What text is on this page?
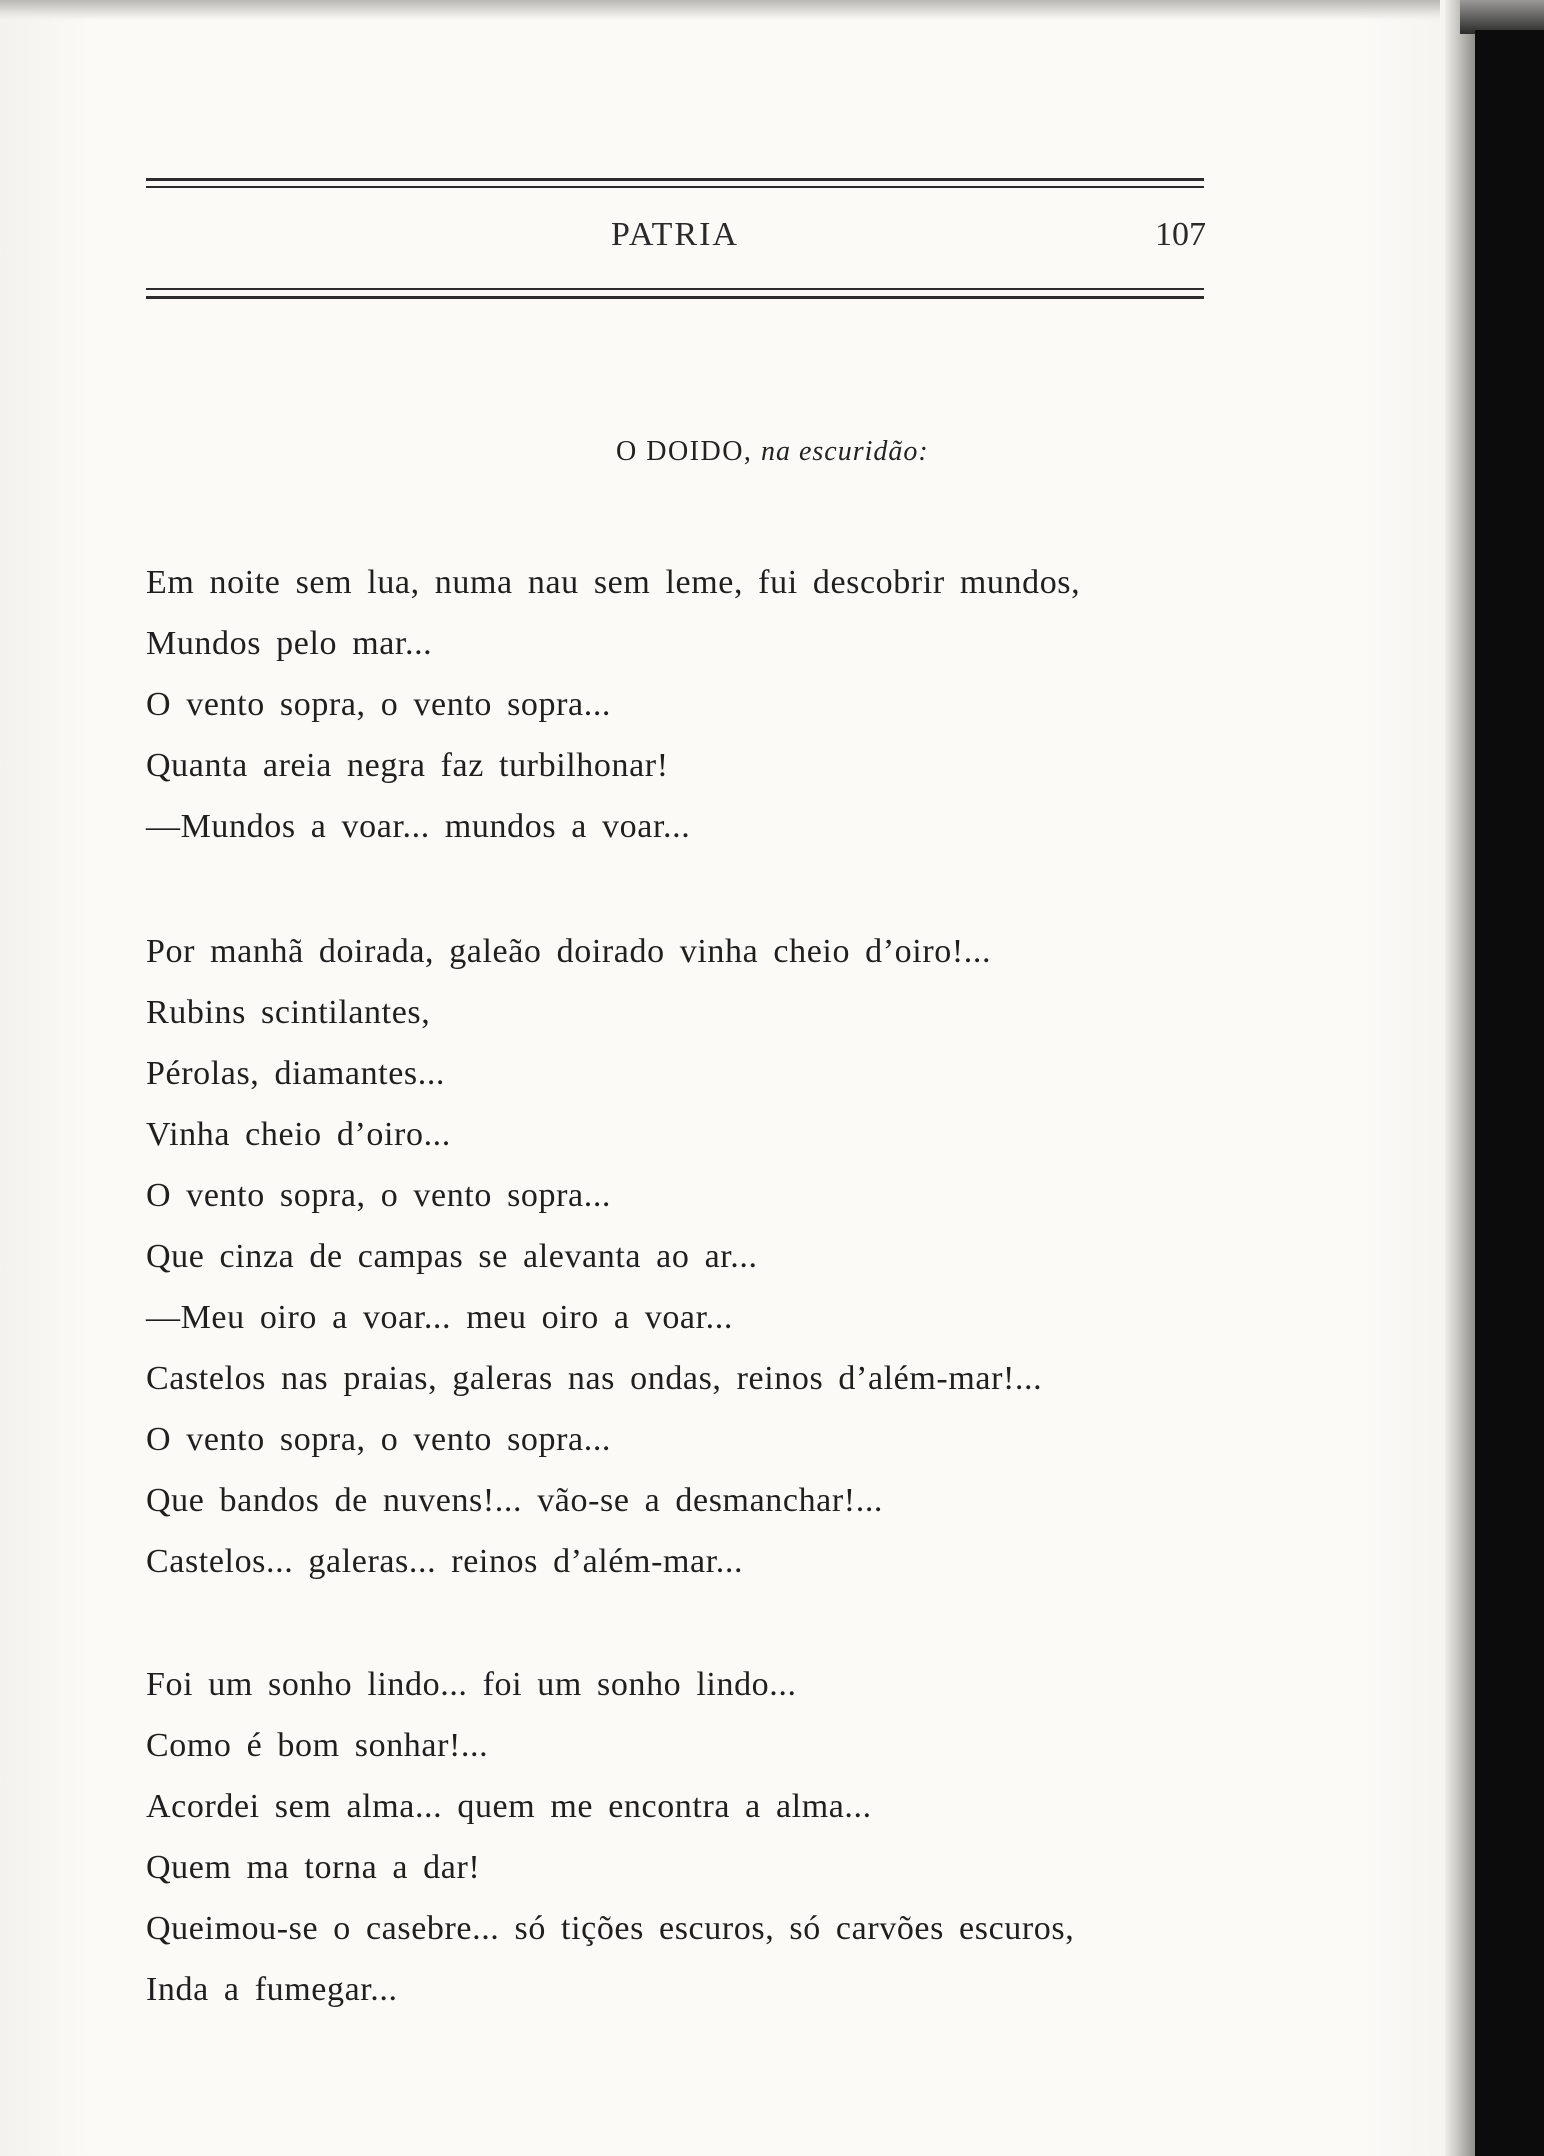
PATRIA	107
O DOIDO, na escuridão:
Em noite sem lua, numa nau sem leme, fui descobrir mundos,
Mundos pelo mar...
O vento sopra, o vento sopra...
Quanta areia negra faz turbilhonar!
—Mundos a voar... mundos a voar...
Por manhã doirada, galeão doirado vinha cheio d’oiro!...
Rubins scintilantes,
Pérolas, diamantes...
Vinha cheio d’oiro...
O vento sopra, o vento sopra...
Que cinza de campas se alevanta ao ar...
—Meu oiro a voar... meu oiro a voar...
Castelos nas praias, galeras nas ondas, reinos d’além-mar!...
O vento sopra, o vento sopra...
Que bandos de nuvens!... vão-se a desmanchar!...
Castelos... galeras... reinos d’além-mar...
Foi um sonho lindo... foi um sonho lindo...
Como é bom sonhar!...
Acordei sem alma... quem me encontra a alma...
Quem ma torna a dar!
Queimou-se o casebre... só tições escuros, só carvões escuros,
Inda a fumegar...
